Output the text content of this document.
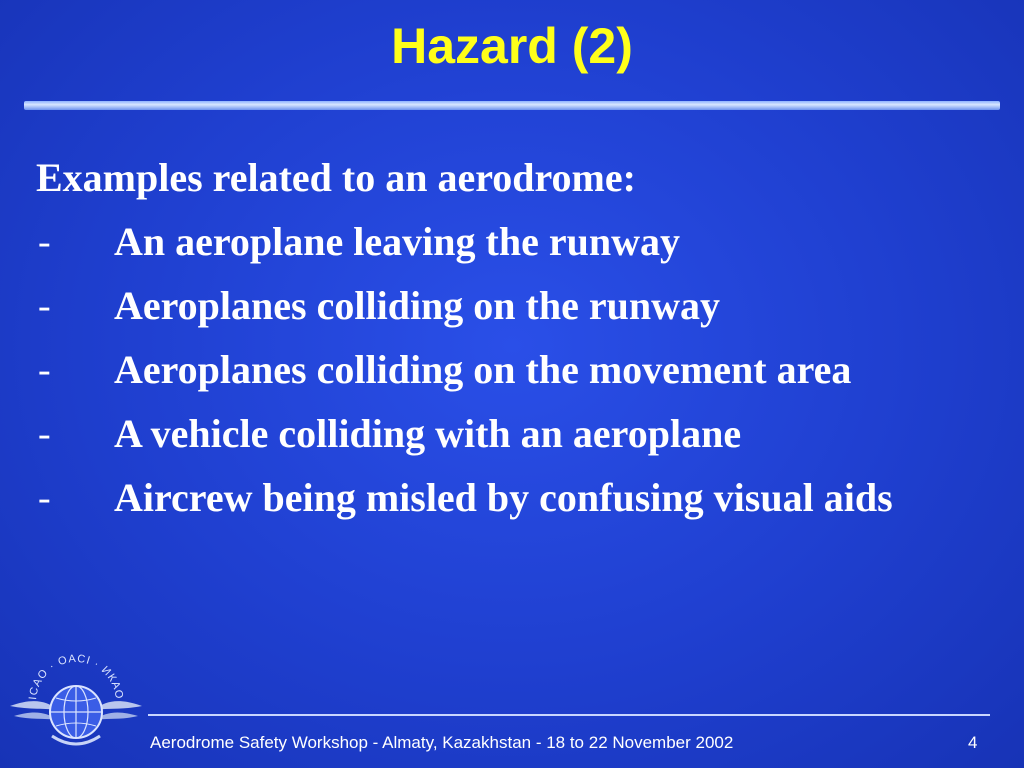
Hazard (2)
Examples related to an aerodrome:
- An aeroplane leaving the runway
- Aeroplanes colliding on the runway
- Aeroplanes colliding on the movement area
- A vehicle colliding with an aeroplane
- Aircrew being misled by confusing visual aids
ICAO · OACI · ИКАО
Aerodrome Safety Workshop - Almaty, Kazakhstan - 18 to 22 November 2002	4
